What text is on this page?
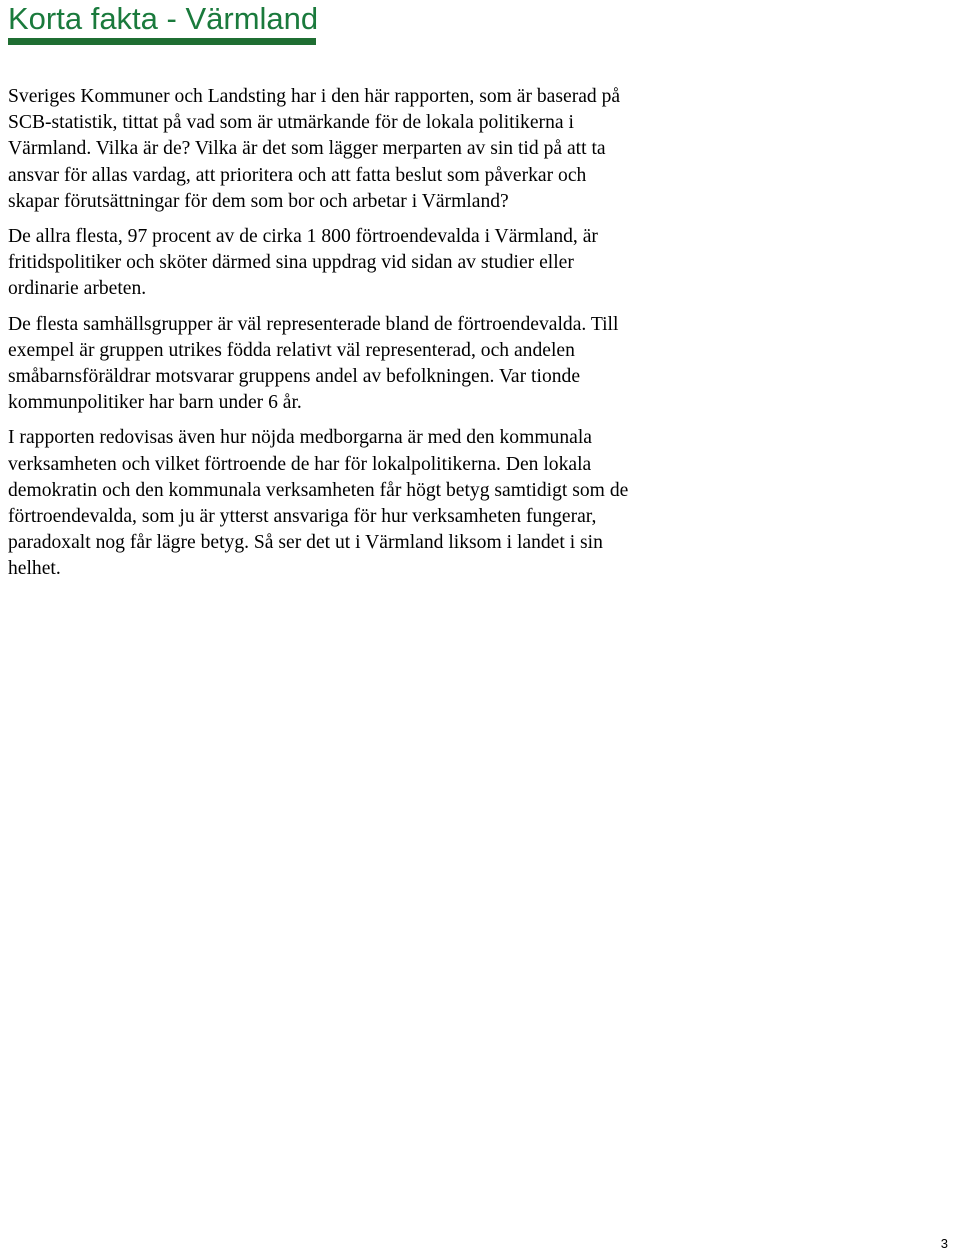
Korta fakta - Värmland

Sveriges Kommuner och Landsting har i den här rapporten, som är baserad på
SCB-statistik, tittat på vad som är utmärkande för de lokala politikerna i
Värmland. Vilka är de? Vilka är det som lägger merparten av sin tid på att ta
ansvar för allas vardag, att prioritera och att fatta beslut som påverkar och
skapar förutsättningar för dem som bor och arbetar i Värmland?

De allra flesta, 97 procent av de cirka 1 800 förtroendevalda i Värmland, är
fritidspolitiker och sköter därmed sina uppdrag vid sidan av studier eller
ordinarie arbeten.

De flesta samhällsgrupper är väl representerade bland de förtroendevalda. Till
exempel är gruppen utrikes födda relativt väl representerad, och andelen
småbarnsföräldrar motsvarar gruppens andel av befolkningen. Var tionde
kommunpolitiker har barn under 6 år.

I rapporten redovisas även hur nöjda medborgarna är med den kommunala
verksamheten och vilket förtroende de har för lokalpolitikerna. Den lokala
demokratin och den kommunala verksamheten får högt betyg samtidigt som de
förtroendevalda, som ju är ytterst ansvariga för hur verksamheten fungerar,
paradoxalt nog får lägre betyg. Så ser det ut i Värmland liksom i landet i sin
helhet.

3
